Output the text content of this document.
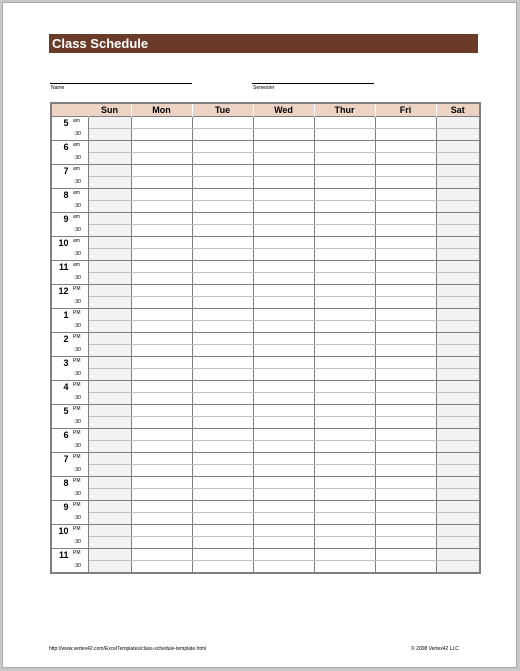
Class Schedule
Name	Semester
	Sun	Mon	Tue	Wed	Thur	Fri	Sat

5 am							

:30							

6 am							

:30							

7 am							

:30							

8 am							

:30							

9 am							

:30							

10 am							

:30							

11 am							

:30							

12 PM							

:30							

1 PM							

:30							

2 PM							

:30							

3 PM							

:30							

4 PM							

:30							

5 PM							

:30							

6 PM							

:30							

7 PM							

:30							

8 PM							

:30							

9 PM							

:30							

10 PM							

:30							

11 PM							

:30							

http://www.vertex42.com/ExcelTemplates/class-schedule-template.html	© 2008 Vertex42 LLC
